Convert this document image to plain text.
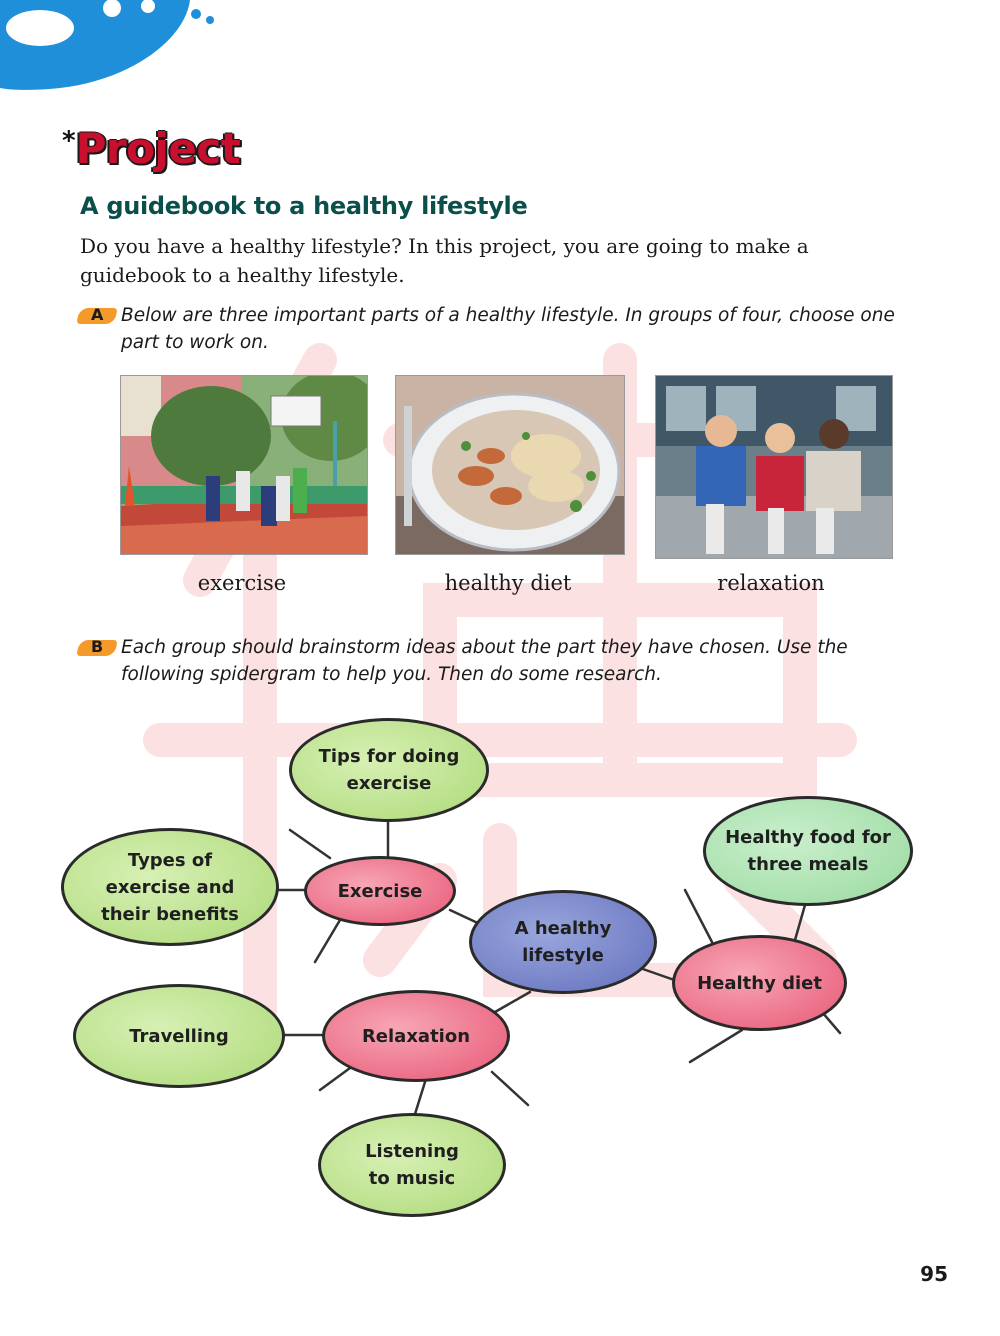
*Project
A guidebook to a healthy lifestyle

Do you have a healthy lifestyle? In this project, you are going to make a guidebook to a healthy lifestyle.

A Below are three important parts of a healthy lifestyle. In groups of four, choose one part to work on.

exercise	healthy diet	relaxation
B Each group should brainstorm ideas about the part they have chosen. Use the following spidergram to help you. Then do some research.

Tips for doing
exercise
Types of
exercise and
their benefits
Exercise
A healthy
lifestyle
Healthy food for
three meals
Healthy diet
Travelling	Relaxation
Listening
to music
95
